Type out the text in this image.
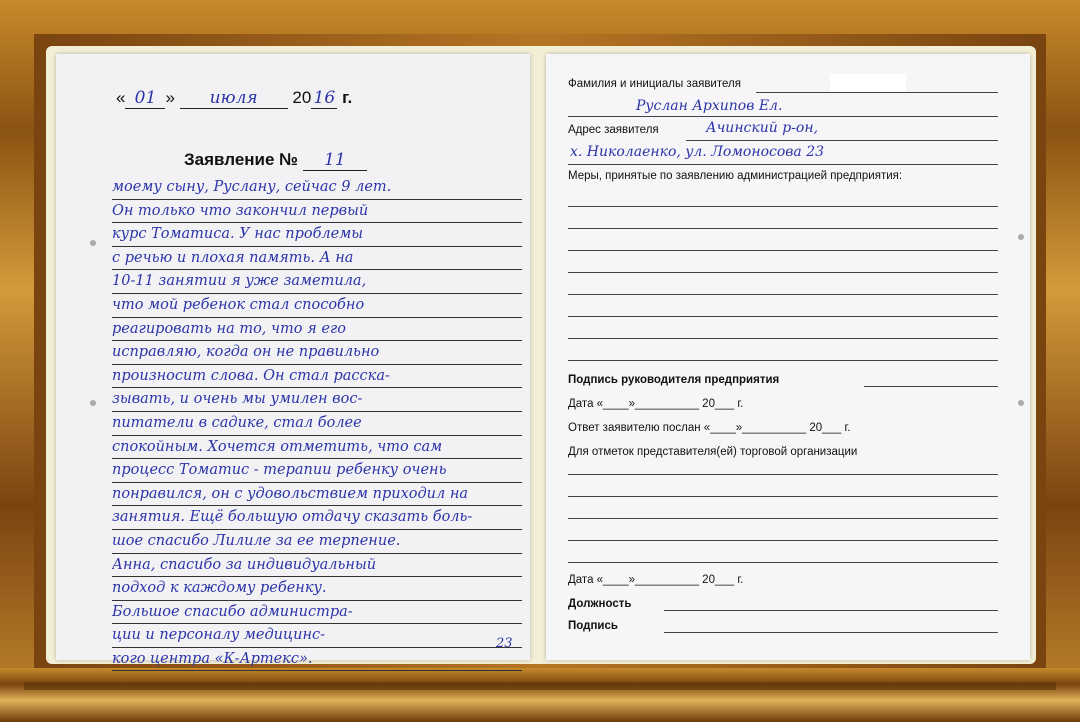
« 01 » июля 20 16 г.
Заявление № 11
моему сыну, Руслану, сейчас 9 лет.
Он только что закончил первый
курс Томатиса. У нас проблемы
с речью и плохая память. А на
10-11 занятии я уже заметила,
что мой ребенок стал способно
реагировать на то, что я его
исправляю, когда он не правильно
произносит слова. Он стал расска-
зывать, и очень мы умилен вос-
питатели в садике, стал более
спокойным. Хочется отметить, что сам
процесс Томатис - терапии ребенку очень
понравился, он с удовольствием приходил на
занятия. Ещё большую отдачу сказать боль-
шое спасибо Лилиле за ее терпение.
Анна, спасибо за индивидуальный
подход к каждому ребенку.
Большое спасибо администра-
ции и персоналу медицинс-
кого центра «К-Артекс».
23
Фамилия и инициалы заявителя
Руслан Архипов Ел.
Адрес заявителя	Ачинский р-он,
х. Николаенко, ул. Ломоносова 23
Меры, принятые по заявлению администрацией предприятия:
Подпись руководителя предприятия
Дата «____»__________ 20___ г.
Ответ заявителю послан «____»__________ 20___ г.
Для отметок представителя(ей) торговой организации
Дата «____»__________ 20___ г.
Должность
Подпись
